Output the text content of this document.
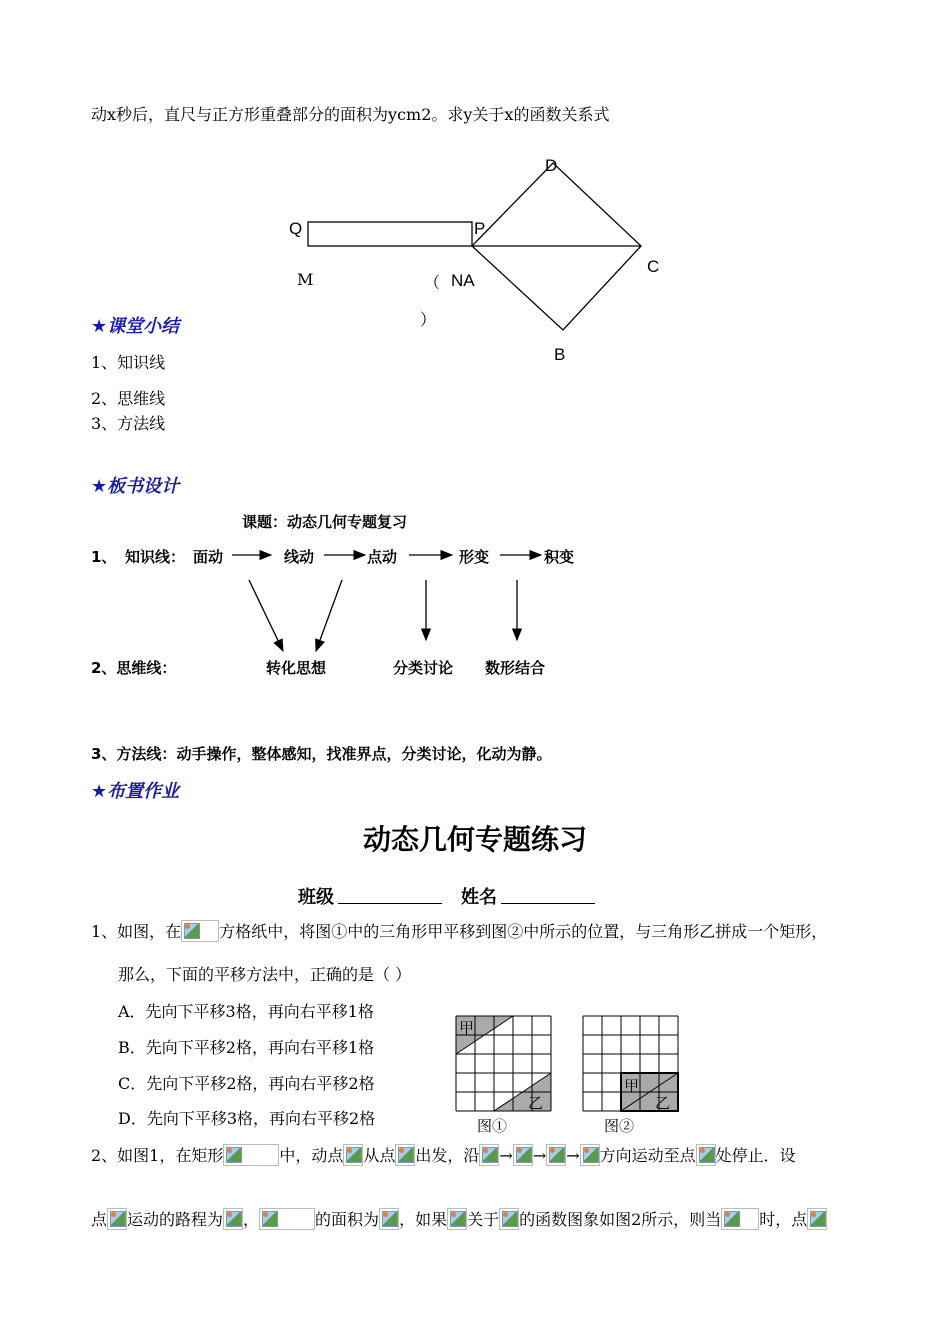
动x秒后，直尺与正方形重叠部分的面积为ycm2。求y关于x的函数关系式
Q	P
D
C
B
M	（ NA
）
★课堂小结
1、知识线
2、思维线
3、方法线
★板书设计
课题：动态几何专题复习
1、 知识线： 面动	线动	点动	形变	积变
2、思维线：	转化思想	分类讨论 数形结合
3、方法线：动手操作，整体感知，找准界点，分类讨论，化动为静。
★布置作业
动态几何专题练习
班级	姓名
1、如图，在 方格纸中，将图①中的三角形甲平移到图②中所示的位置，与三角形乙拼成一个矩形，
那么，下面的平移方法中，正确的是（ ）
A．先向下平移3格，再向右平移1格
B．先向下平移2格，再向右平移1格
C．先向下平移2格，再向右平移2格
D．先向下平移3格，再向右平移2格
甲
乙
甲
乙
图①	图②
2、如图1，在矩形	中，动点 从点 出发，沿 → → → 方向运动至点 处停止．设
点 运动的路程为 ，	的面积为 ，如果 关于 的函数图象如图2所示，则当 时，点
